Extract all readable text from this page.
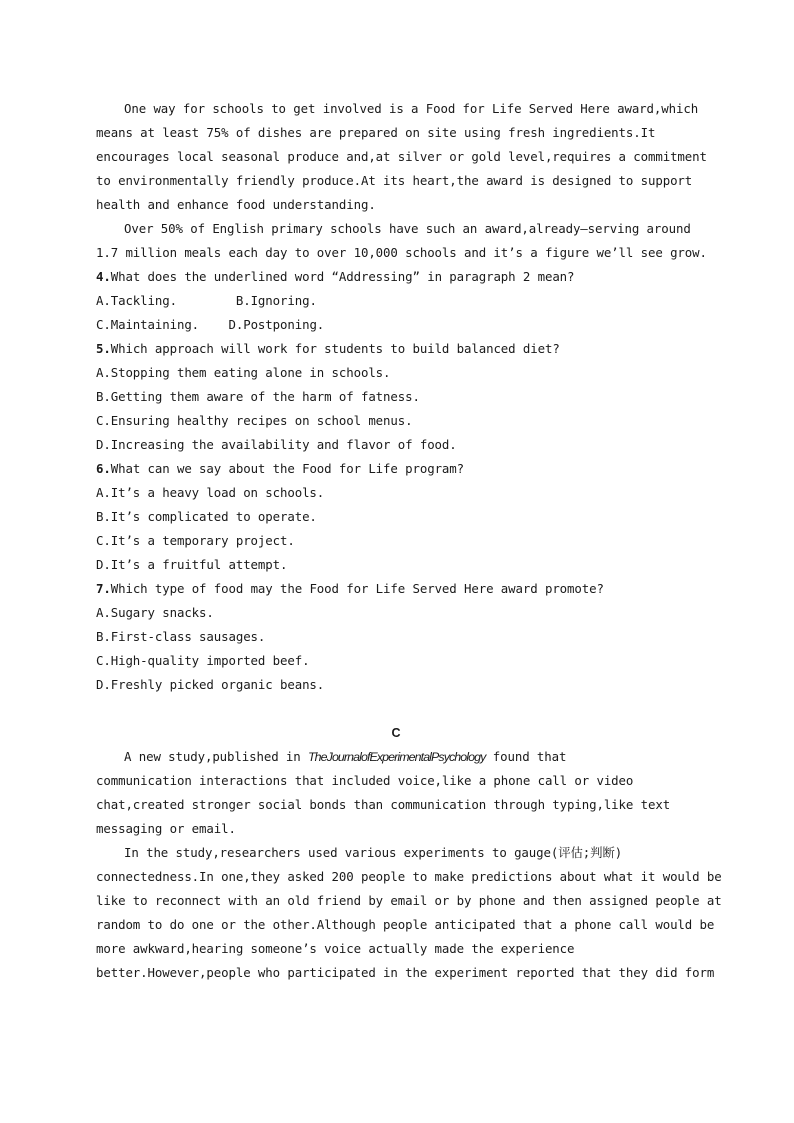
One way for schools to get involved is a Food for Life Served Here award,which
means at least 75% of dishes are prepared on site using fresh ingredients.It
encourages local seasonal produce and,at silver or gold level,requires a commitment
to environmentally friendly produce.At its heart,the award is designed to support
health and enhance food understanding.
Over 50% of English primary schools have such an award,already—serving around
1.7 million meals each day to over 10,000 schools and it’s a figure we’ll see grow.
4.What does the underlined word “Addressing” in paragraph 2 mean?
A.Tackling.        B.Ignoring.
C.Maintaining.    D.Postponing.
5.Which approach will work for students to build balanced diet?
A.Stopping them eating alone in schools.
B.Getting them aware of the harm of fatness.
C.Ensuring healthy recipes on school menus.
D.Increasing the availability and flavor of food.
6.What can we say about the Food for Life program?
A.It’s a heavy load on schools.
B.It’s complicated to operate.
C.It’s a temporary project.
D.It’s a fruitful attempt.
7.Which type of food may the Food for Life Served Here award promote?
A.Sugary snacks.
B.First-class sausages.
C.High-quality imported beef.
D.Freshly picked organic beans.
C
A new study,published in TheJournalofExperimentalPsychology found that
communication interactions that included voice,like a phone call or video
chat,created stronger social bonds than communication through typing,like text
messaging or email.
In the study,researchers used various experiments to gauge(评估;判断)
connectedness.In one,they asked 200 people to make predictions about what it would be
like to reconnect with an old friend by email or by phone and then assigned people at
random to do one or the other.Although people anticipated that a phone call would be
more awkward,hearing someone’s voice actually made the experience
better.However,people who participated in the experiment reported that they did form
